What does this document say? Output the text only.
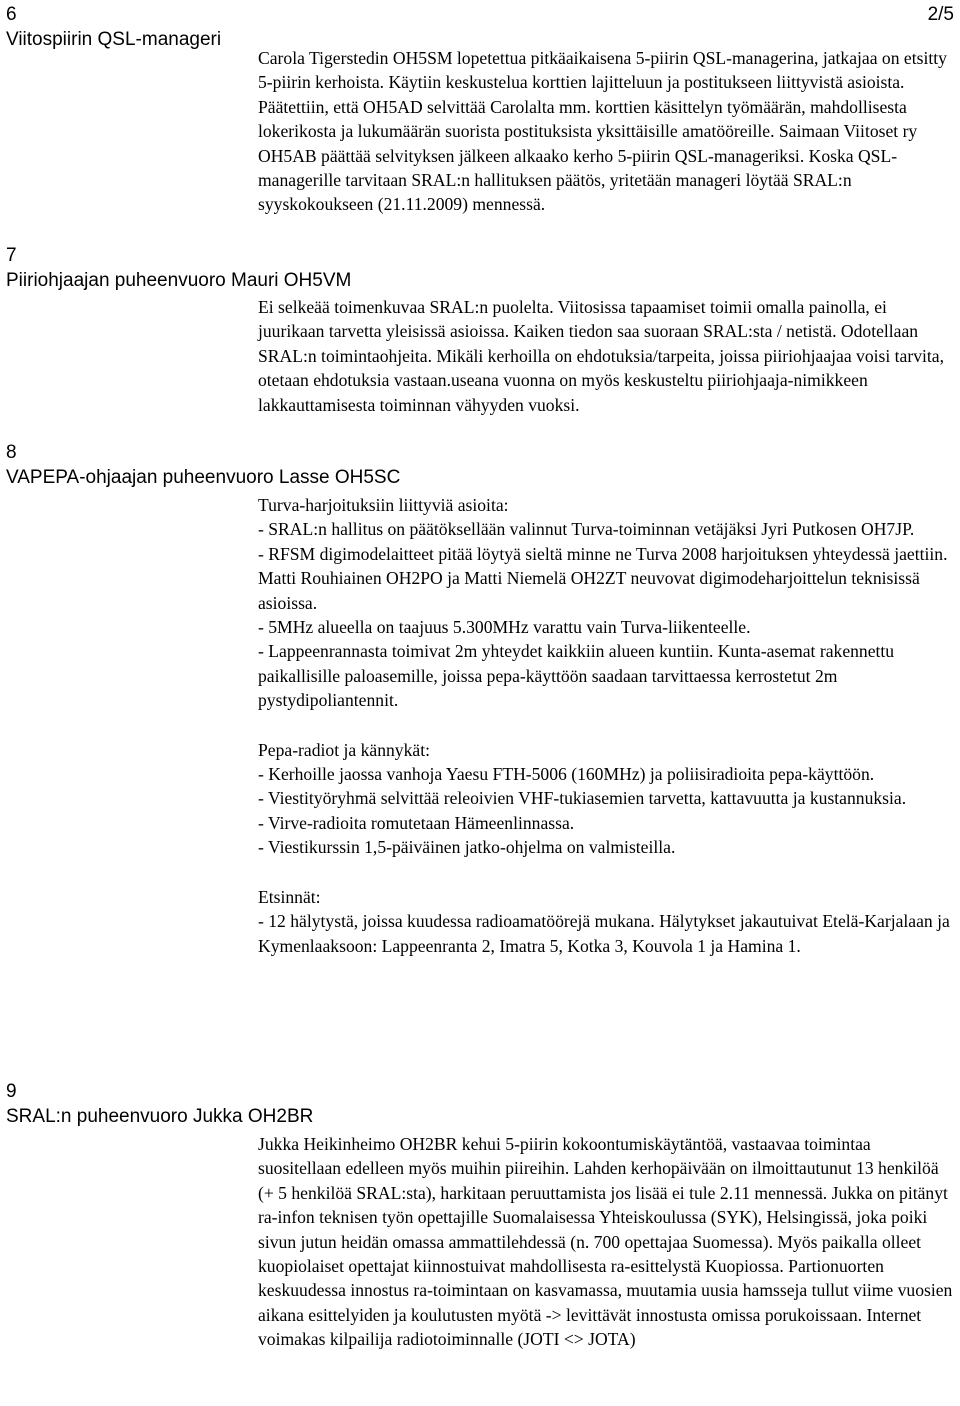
2/5
6
Viitospiirin QSL-manageri

Carola Tigerstedin OH5SM lopetettua pitkäaikaisena 5-piirin QSL-managerina, jatkajaa on etsitty 5-piirin kerhoista. Käytiin keskustelua korttien lajitteluun ja postitukseen liittyvistä asioista. Päätettiin, että OH5AD selvittää Carolalta mm. korttien käsittelyn työmäärän, mahdollisesta lokerikosta ja lukumäärän suorista postituksista yksittäisille amatööreille. Saimaan Viitoset ry OH5AB päättää selvityksen jälkeen alkaako kerho 5-piirin QSL-manageriksi. Koska QSL-managerille tarvitaan SRAL:n hallituksen päätös, yritetään manageri löytää SRAL:n syyskokoukseen (21.11.2009) mennessä.

7
Piiriohjaajan puheenvuoro Mauri OH5VM

Ei selkeää toimenkuvaa SRAL:n puolelta. Viitosissa tapaamiset toimii omalla painolla, ei juurikaan tarvetta yleisissä asioissa. Kaiken tiedon saa suoraan SRAL:sta / netistä. Odotellaan SRAL:n toimintaohjeita. Mikäli kerhoilla on ehdotuksia/tarpeita, joissa piiriohjaajaa voisi tarvita, otetaan ehdotuksia vastaan.useana vuonna on myös keskusteltu piiriohjaaja-nimikkeen lakkauttamisesta toiminnan vähyyden vuoksi.

8
VAPEPA-ohjaajan puheenvuoro Lasse OH5SC

Turva-harjoituksiin liittyviä asioita:

- SRAL:n hallitus on päätöksellään valinnut Turva-toiminnan vetäjäksi Jyri Putkosen OH7JP.

- RFSM digimodelaitteet pitää löytyä sieltä minne ne Turva 2008 harjoituksen yhteydessä jaettiin. Matti Rouhiainen OH2PO ja Matti Niemelä OH2ZT neuvovat digimodeharjoittelun teknisissä asioissa.

- 5MHz alueella on taajuus 5.300MHz varattu vain Turva-liikenteelle.

- Lappeenrannasta toimivat 2m yhteydet kaikkiin alueen kuntiin. Kunta-asemat rakennettu paikallisille paloasemille, joissa pepa-käyttöön saadaan tarvittaessa kerrostetut 2m pystydipoliantennit.

Pepa-radiot ja kännykät:

- Kerhoille jaossa vanhoja Yaesu FTH-5006 (160MHz) ja poliisiradioita pepa-käyttöön.

- Viestityöryhmä selvittää releoivien VHF-tukiasemien tarvetta, kattavuutta ja kustannuksia.

- Virve-radioita romutetaan Hämeenlinnassa.

- Viestikurssin 1,5-päiväinen jatko-ohjelma on valmisteilla.

Etsinnät:

- 12 hälytystä, joissa kuudessa radioamatöörejä mukana. Hälytykset jakautuivat Etelä-Karjalaan ja Kymenlaaksoon: Lappeenranta 2, Imatra 5, Kotka 3, Kouvola 1 ja Hamina 1.

9
SRAL:n puheenvuoro Jukka OH2BR

Jukka Heikinheimo OH2BR kehui 5-piirin kokoontumiskäytäntöä, vastaavaa toimintaa suositellaan edelleen myös muihin piireihin. Lahden kerhopäivään on ilmoittautunut 13 henkilöä (+ 5 henkilöä SRAL:sta), harkitaan peruuttamista jos lisää ei tule 2.11 mennessä. Jukka on pitänyt ra-infon teknisen työn opettajille Suomalaisessa Yhteiskoulussa (SYK), Helsingissä, joka poiki sivun jutun heidän omassa ammattilehdessä (n. 700 opettajaa Suomessa). Myös paikalla olleet kuopiolaiset opettajat kiinnostuivat mahdollisesta ra-esittelystä Kuopiossa. Partionuorten keskuudessa innostus ra-toimintaan on kasvamassa, muutamia uusia hamsseja tullut viime vuosien aikana esittelyiden ja koulutusten myötä -> levittävät innostusta omissa porukoissaan. Internet voimakas kilpailija radiotoiminnalle (JOTI <> JOTA)
